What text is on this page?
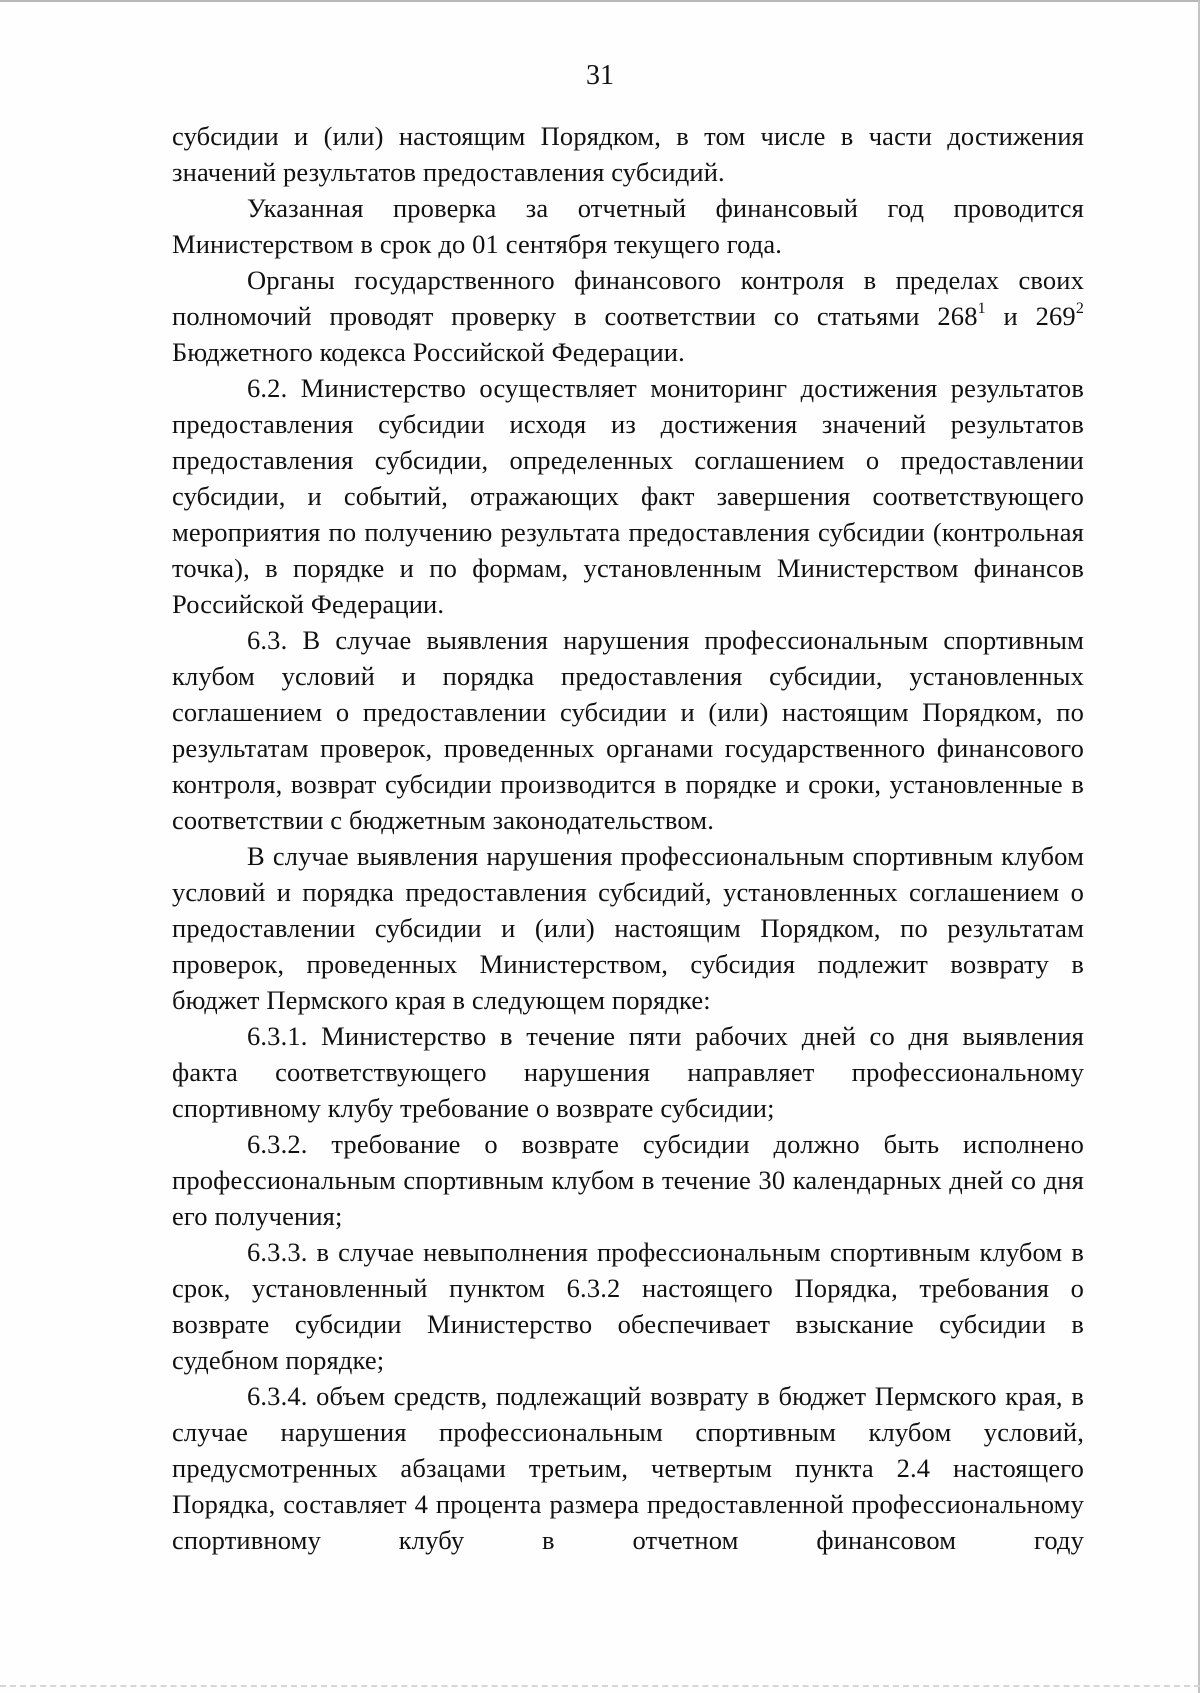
31

субсидии и (или) настоящим Порядком, в том числе в части достижения значений результатов предоставления субсидий.

Указанная проверка за отчетный финансовый год проводится Министерством в срок до 01 сентября текущего года.

Органы государственного финансового контроля в пределах своих полномочий проводят проверку в соответствии со статьями $268^1$ и $269^2$ Бюджетного кодекса Российской Федерации.

6.2. Министерство осуществляет мониторинг достижения результатов предоставления субсидии исходя из достижения значений результатов предоставления субсидии, определенных соглашением о предоставлении субсидии, и событий, отражающих факт завершения соответствующего мероприятия по получению результата предоставления субсидии (контрольная точка), в порядке и по формам, установленным Министерством финансов Российской Федерации.

6.3. В случае выявления нарушения профессиональным спортивным клубом условий и порядка предоставления субсидии, установленных соглашением о предоставлении субсидии и (или) настоящим Порядком, по результатам проверок, проведенных органами государственного финансового контроля, возврат субсидии производится в порядке и сроки, установленные в соответствии с бюджетным законодательством.

В случае выявления нарушения профессиональным спортивным клубом условий и порядка предоставления субсидий, установленных соглашением о предоставлении субсидии и (или) настоящим Порядком, по результатам проверок, проведенных Министерством, субсидия подлежит возврату в бюджет Пермского края в следующем порядке:

6.3.1. Министерство в течение пяти рабочих дней со дня выявления факта соответствующего нарушения направляет профессиональному спортивному клубу требование о возврате субсидии;

6.3.2. требование о возврате субсидии должно быть исполнено профессиональным спортивным клубом в течение 30 календарных дней со дня его получения;

6.3.3. в случае невыполнения профессиональным спортивным клубом в срок, установленный пунктом 6.3.2 настоящего Порядка, требования о возврате субсидии Министерство обеспечивает взыскание субсидии в судебном порядке;

6.3.4. объем средств, подлежащий возврату в бюджет Пермского края, в случае нарушения профессиональным спортивным клубом условий, предусмотренных абзацами третьим, четвертым пункта 2.4 настоящего Порядка, составляет 4 процента размера предоставленной профессиональному спортивному клубу в отчетном финансовом году
